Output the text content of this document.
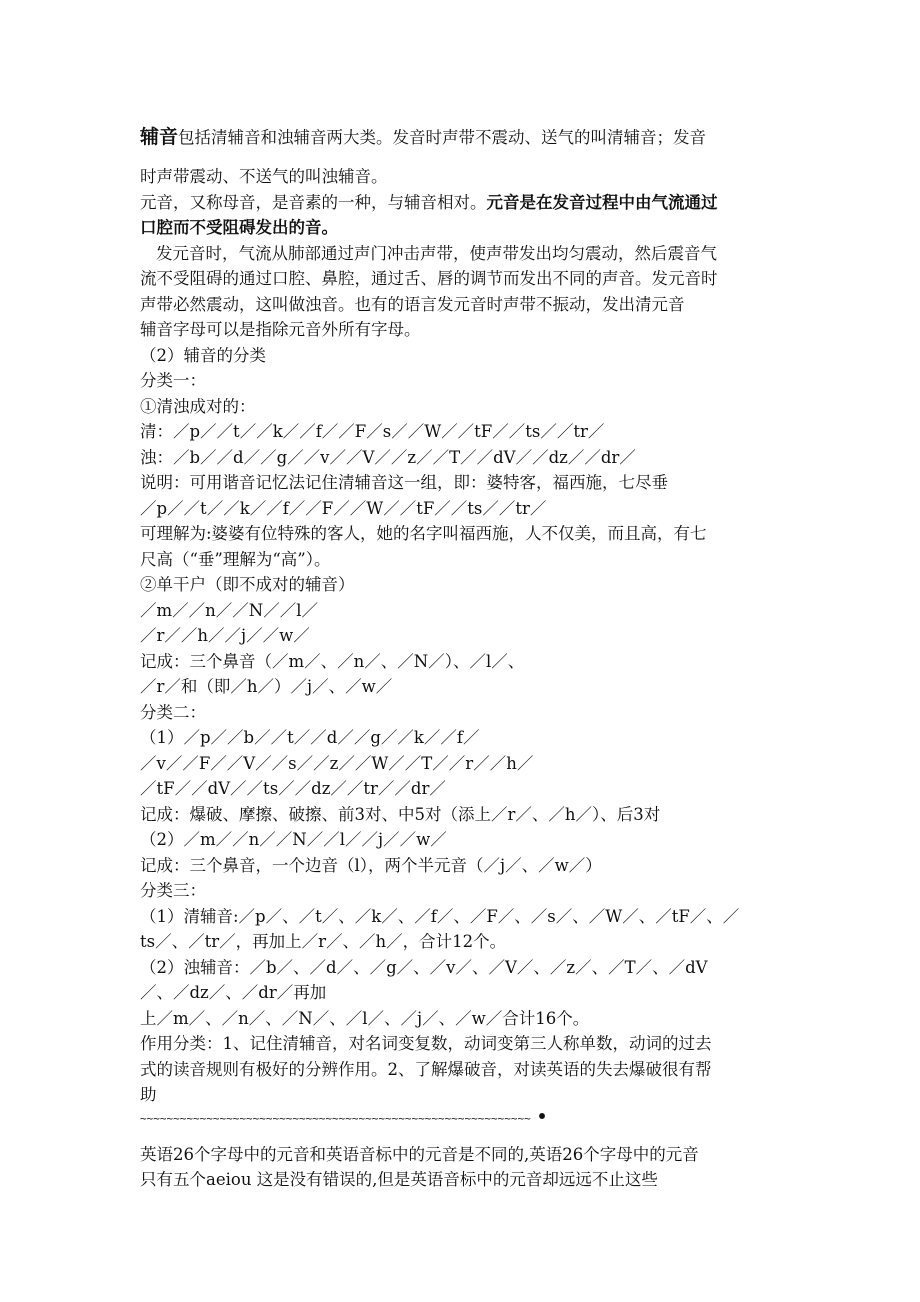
辅音包括清辅音和浊辅音两大类。发音时声带不震动、送气的叫清辅音；发音
时声带震动、不送气的叫浊辅音。
元音，又称母音，是音素的一种，与辅音相对。元音是在发音过程中由气流通过
口腔而不受阻碍发出的音。
发元音时，气流从肺部通过声门冲击声带，使声带发出均匀震动，然后震音气
流不受阻碍的通过口腔、鼻腔，通过舌、唇的调节而发出不同的声音。发元音时
声带必然震动，这叫做浊音。也有的语言发元音时声带不振动，发出清元音
辅音字母可以是指除元音外所有字母。
（2）辅音的分类
分类一：
①清浊成对的：
清：／p／／t／／k／／f／／F／s／／W／／tF／／ts／／tr／
浊：／b／／d／／g／／v／／V／／z／／T／／dV／／dz／／dr／
说明：可用谐音记忆法记住清辅音这一组，即：婆特客，福西施，七尽垂
／p／／t／／k／／f／／F／／W／／tF／／ts／／tr／
可理解为:婆婆有位特殊的客人，她的名字叫福西施，人不仅美，而且高，有七
尺高（“垂”理解为“高”）。
②单干户（即不成对的辅音）
／m／／n／／N／／l／
／r／／h／／j／／w／
记成：三个鼻音（／m／、／n／、／N／）、／l／、
／r／和（即／h／）／j／、／w／
分类二：
（1）／p／／b／／t／／d／／g／／k／／f／
／v／／F／／V／／s／／z／／W／／T／／r／／h／
／tF／／dV／／ts／／dz／／tr／／dr／
记成：爆破、摩擦、破擦、前3对、中5对（添上／r／、／h／）、后3对
（2）／m／／n／／N／／l／／j／／w／
记成：三个鼻音，一个边音（l），两个半元音（／j／、／w／）
分类三：
（1）清辅音:／p／、／t／、／k／、／f／、／F／、／s／、／W／、／tF／、／
ts／、／tr／，再加上／r／、／h／，合计12个。
（2）浊辅音：／b／、／d／、／g／、／v／、／V／、／z／、／T／、／dV
／、／dz／、／dr／再加
上／m／、／n／、／N／、／l／、／j／、／w／合计16个。
作用分类：1、记住清辅音，对名词变复数，动词变第三人称单数，动词的过去
式的读音规则有极好的分辨作用。2、了解爆破音，对读英语的失去爆破很有帮
助
~~~~~~~~~~~~~~~~~~~~~~~~~~~~~~~~~~~~~~~~~~~~~~~~~~~~~~~~~~~ •
英语26个字母中的元音和英语音标中的元音是不同的,英语26个字母中的元音
只有五个aeiou 这是没有错误的,但是英语音标中的元音却远远不止这些
